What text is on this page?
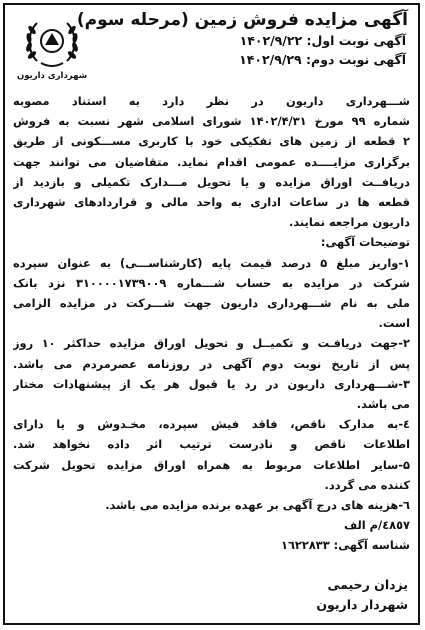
شهرداری داریون
آگهی مزایده فروش زمین (مرحله سوم)
آگهی نوبت اول: ۱۴۰۲/۹/۲۲
آگهی نوبت دوم: ۱۴۰۲/۹/۲۹
شـــهرداری داریون در نظر دارد به استناد مصوبه
شماره ۹۹ مورخ ۱۴۰۲/۴/۳۱ شورای اسلامی شهر نسبت به فروش
۲ قطعه از زمین های تفکیکی خود با کاربری مســـکونی از طریق
برگزاری مزایــــده عمومی اقدام نماید. متقاضیان می توانند جهت
دریافــت اوراق مزایده و یا تحویل مـــدارک تکمیلی و بازدید از
قطعه ها در ساعات اداری به واحد مالی و قراردادهای شهرداری
داریون مراجعه نمایند.
توضیحات آگهی:
۱-واریز مبلغ ۵ درصد قیمت پایه (کارشناســـی) به عنوان سپرده
شرکت در مزایده به حساب شـــماره ۳۱۰۰۰۰۱۷۳۹۰۰۹ نزد بانک
ملی به نام شـــهرداری داریون جهت شـــرکت در مزایده الزامی
است.
۲-جهت دریافـت و تکمیــل و تحویل اوراق مزایده حداکثر ۱۰ روز
پس از تاریخ نوبت دوم آگهی در روزنامه عصرمردم می باشد.
۳-شـــهرداری داریون در رد یا قبول هر یک از پیشنهادات مختار
می باشد.
٤-به مدارک ناقص، فاقد فیش سپرده، مخـدوش و یا دارای
اطلاعات ناقص و نادرست ترتیب اثر داده نخواهد شد.
۵-سایر اطلاعات مربوط به همراه اوراق مزایده تحویل شرکت
کننده می گردد.
٦-هزینه های درج آگهی بر عهده برنده مزایده می باشد.
٤٨٥۷/م الف
شناسه آگهی: ۱٦۲۲۸۳۳
یزدان رحیمی
شهردار داریون
